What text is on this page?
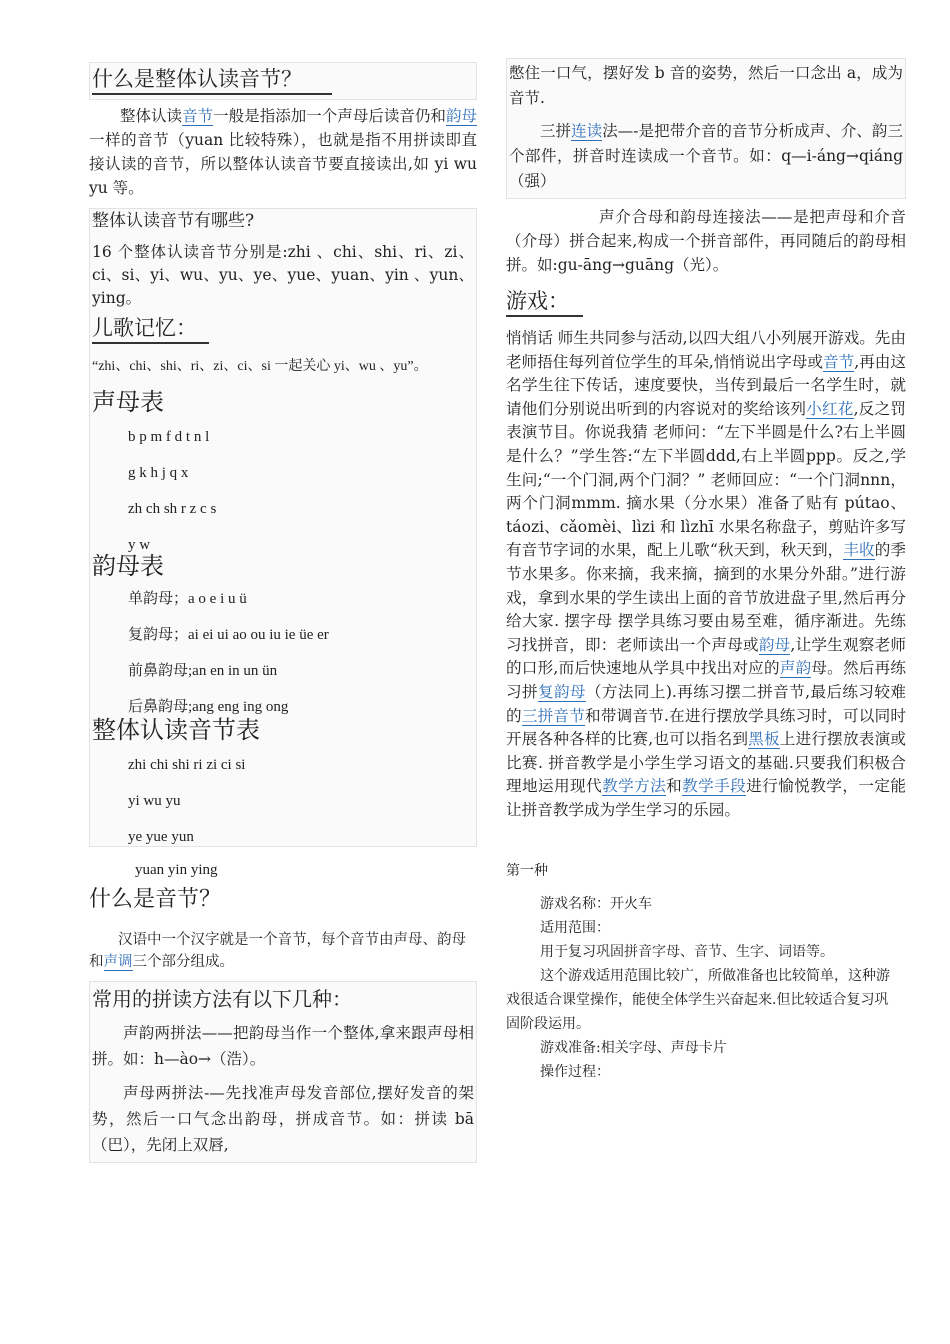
什么是整体认读音节？

整体认读音节一般是指添加一个声母后读音仍和韵母一样的音节（yuan 比较特殊），也就是指不用拼读即直接认读的音节，所以整体认读音节要直接读出,如 yi wu yu 等。

整体认读音节有哪些?

16 个整体认读音节分别是:zhi 、chi、shi、ri、zi、ci、si、yi、wu、yu、ye、yue、yuan、yin 、yun、ying。

儿歌记忆：

“zhi、chi、shi、ri、zi、ci、si 一起关心 yi、wu 、yu”。

声母表

b p m f d t n l

g k h j q x

zh ch sh r z c s

y w

韵母表

单韵母；a o e i u ü

复韵母；ai ei ui ao ou iu ie üe er

前鼻韵母;an en in un ün

后鼻韵母;ang eng ing ong

整体认读音节表

zhi chi shi ri zi ci si

yi wu yu

ye yue yun

yuan yin ying

什么是音节？

汉语中一个汉字就是一个音节，每个音节由声母、韵母和声调三个部分组成。

常用的拼读方法有以下几种：

声韵两拼法——把韵母当作一个整体,拿来跟声母相拼。如：h—ào→（浩）。

声母两拼法-—先找准声母发音部位,摆好发音的架势，然后一口气念出韵母，拼成音节。如：拼读 bā（巴），先闭上双唇,

憋住一口气，摆好发 b 音的姿势，然后一口念出 a，成为音节.

三拼连读法—-是把带介音的音节分析成声、介、韵三个部件，拼音时连读成一个音节。如：q—i-áng→qiáng（强）

声介合母和韵母连接法——是把声母和介音（介母）拼合起来,构成一个拼音部件，再同随后的韵母相拼。如:gu-āng→guāng（光）。

游戏：

悄悄话 师生共同参与活动,以四大组八小列展开游戏。先由老师捂住每列首位学生的耳朵,悄悄说出字母或音节,再由这名学生往下传话，速度要快，当传到最后一名学生时，就请他们分别说出听到的内容说对的奖给该列小红花,反之罚表演节目。你说我猜 老师问：“左下半圆是什么?右上半圆是什么？”学生答:“左下半圆ddd,右上半圆ppp。反之,学生问;“一个门洞,两个门洞？” 老师回应：“一个门洞nnn，两个门洞mmm. 摘水果（分水果）准备了贴有 pútao、táozi、cǎomèi、lìzi 和 lìzhī 水果名称盘子，剪贴许多写有音节字词的水果，配上儿歌“秋天到，秋天到，丰收的季节水果多。你来摘，我来摘，摘到的水果分外甜。”进行游戏，拿到水果的学生读出上面的音节放进盘子里,然后再分给大家. 摆字母 摆学具练习要由易至难，循序渐进。先练习找拼音，即：老师读出一个声母或韵母,让学生观察老师的口形,而后快速地从学具中找出对应的声韵母。然后再练习拼复韵母（方法同上).再练习摆二拼音节,最后练习较难的三拼音节和带调音节.在进行摆放学具练习时，可以同时开展各种各样的比赛,也可以指名到黑板上进行摆放表演或比赛. 拼音教学是小学生学习语文的基础.只要我们积极合理地运用现代教学方法和教学手段进行愉悦教学，一定能让拼音教学成为学生学习的乐园。

第一种

游戏名称：开火车

适用范围：

用于复习巩固拼音字母、音节、生字、词语等。

这个游戏适用范围比较广，所做准备也比较简单，这种游戏很适合课堂操作，能使全体学生兴奋起来.但比较适合复习巩固阶段运用。

游戏准备:相关字母、声母卡片

操作过程：
